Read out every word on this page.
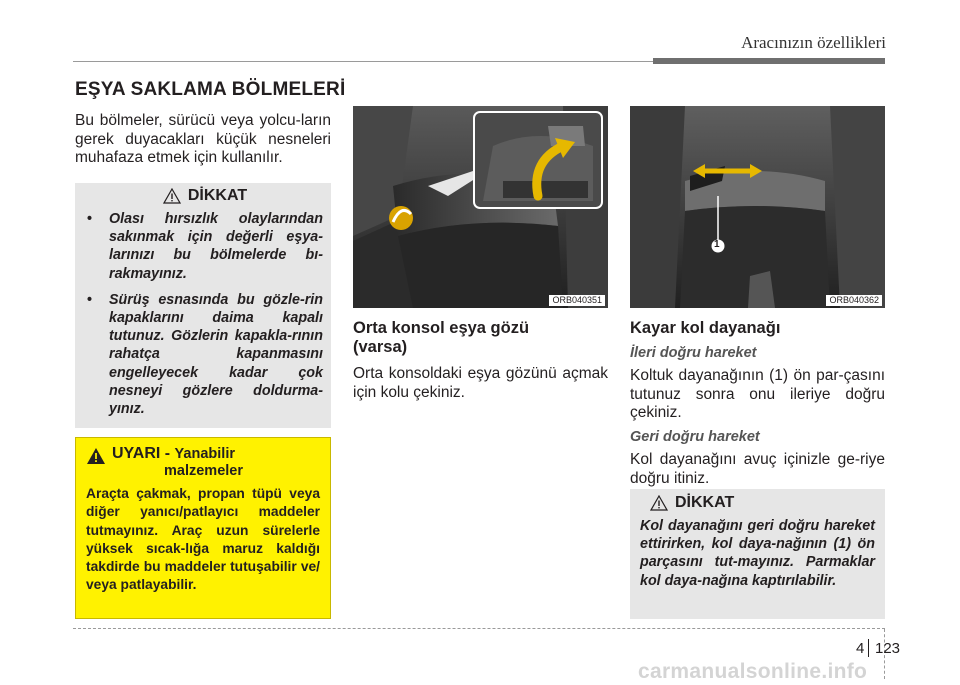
Aracınızın özellikleri
EŞYA SAKLAMA BÖLMELERİ

Bu bölmeler, sürücü veya yolcu-ların gerek duyacakları küçük nesneleri muhafaza etmek için kullanılır.

DİKKAT
• Olası hırsızlık olaylarından sakınmak için değerli eşya-larınızı bu bölmelerde bı-rakmayınız.
• Sürüş esnasında bu gözle-rin kapaklarını daima kapalı tutunuz. Gözlerin kapakla-rının rahatça kapanmasını engelleyecek kadar çok nesneyi gözlere doldurma-yınız.
UYARI - Yanabilir
malzemeler

Araçta çakmak, propan tüpü veya diğer yanıcı/patlayıcı maddeler tutmayınız. Araç uzun sürelerle yüksek sıcak-lığa maruz kaldığı takdirde bu maddeler tutuşabilir ve/ veya patlayabilir.

ORB040351
1
ORB040362
Orta konsol eşya gözü
(varsa)

Orta konsoldaki eşya gözünü açmak için kolu çekiniz.

Kayar kol dayanağı
İleri doğru hareket

Koltuk dayanağının (1) ön par-çasını tutunuz sonra onu ileriye doğru çekiniz.

Geri doğru hareket

Kol dayanağını avuç içinizle ge-riye doğru itiniz.

DİKKAT

Kol dayanağını geri doğru hareket ettirirken, kol daya-nağının (1) ön parçasını tut-mayınız. Parmaklar kol daya-nağına kaptırılabilir.

4 123
carmanualsonline.info
